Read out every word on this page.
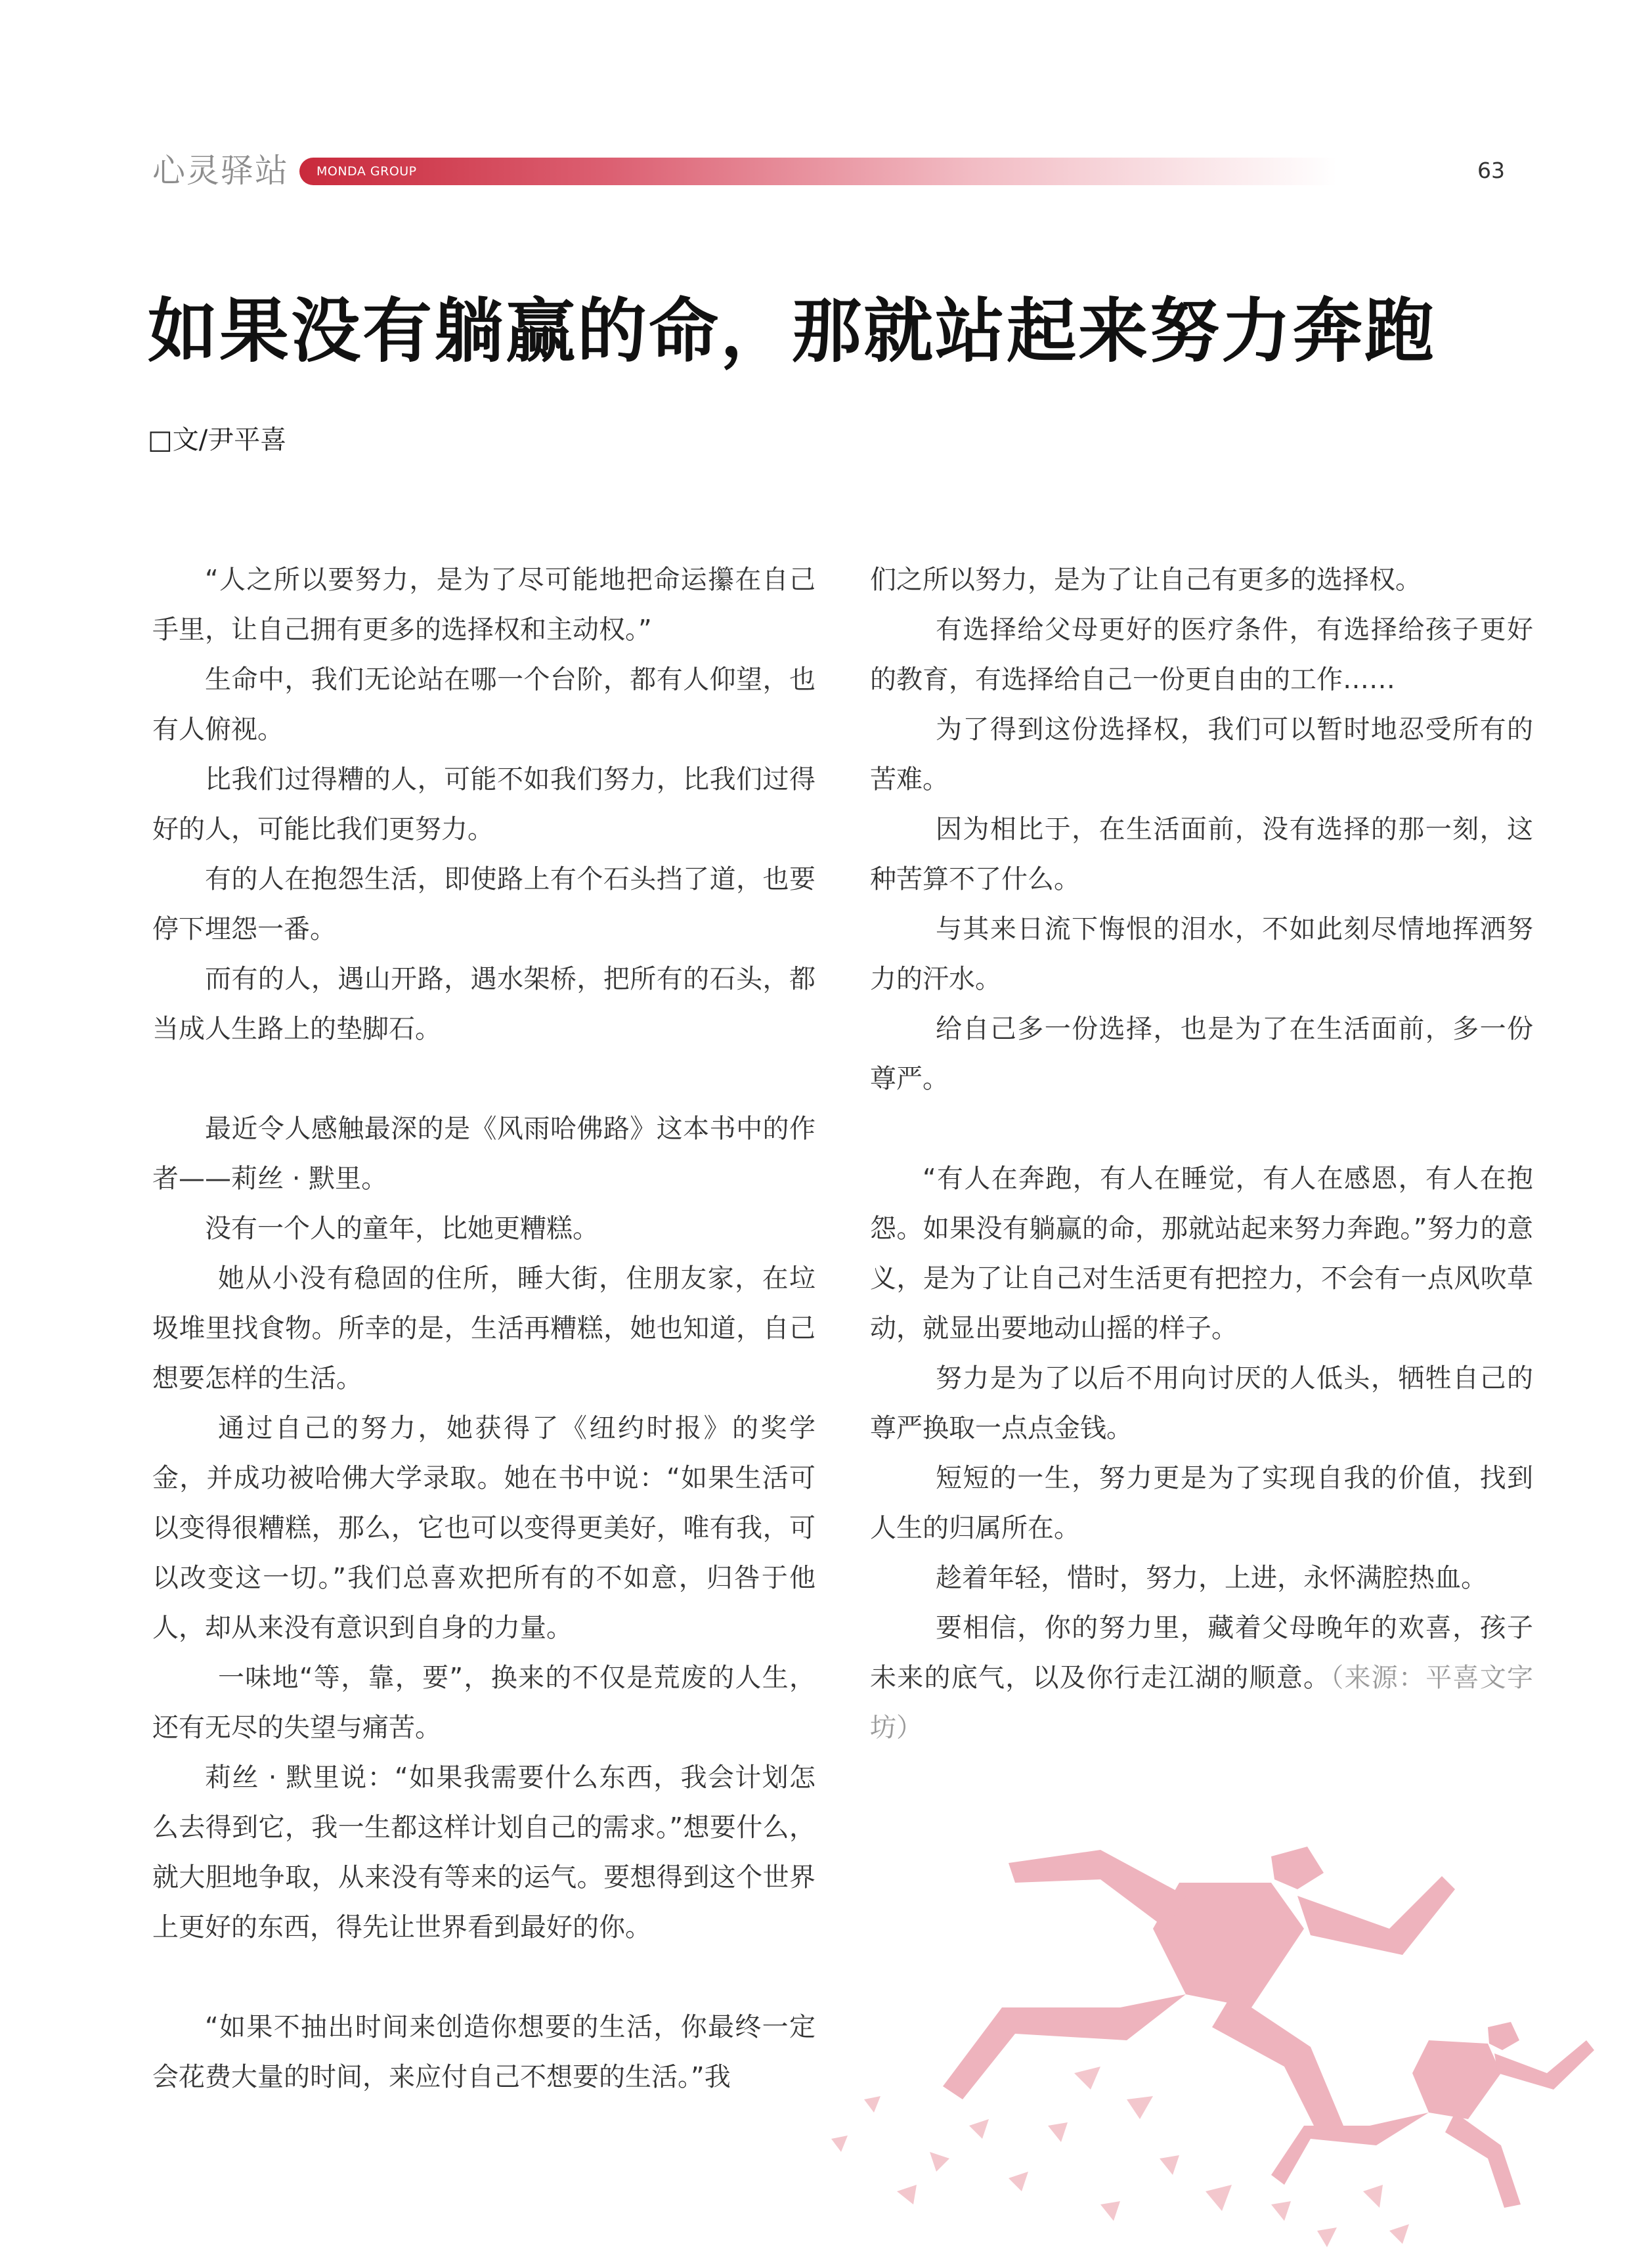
心灵驿站 MONDA GROUP	63
如果没有躺赢的命，那就站起来努力奔跑
□文/尹平喜

“人之所以要努力，是为了尽可能地把命运攥在自己手里，让自己拥有更多的选择权和主动权。”

生命中，我们无论站在哪一个台阶，都有人仰望，也有人俯视。

比我们过得糟的人，可能不如我们努力，比我们过得好的人，可能比我们更努力。

有的人在抱怨生活，即使路上有个石头挡了道，也要停下埋怨一番。

而有的人，遇山开路，遇水架桥，把所有的石头，都当成人生路上的垫脚石。

最近令人感触最深的是《风雨哈佛路》这本书中的作者——莉丝 · 默里。

没有一个人的童年，比她更糟糕。

她从小没有稳固的住所，睡大街，住朋友家，在垃圾堆里找食物。所幸的是，生活再糟糕，她也知道，自己想要怎样的生活。

通过自己的努力，她获得了《纽约时报》的奖学金，并成功被哈佛大学录取。她在书中说：“如果生活可以变得很糟糕，那么，它也可以变得更美好，唯有我，可以改变这一切。”我们总喜欢把所有的不如意，归咎于他人，却从来没有意识到自身的力量。

一味地“等，靠，要”，换来的不仅是荒废的人生，还有无尽的失望与痛苦。

莉丝 · 默里说：“如果我需要什么东西，我会计划怎么去得到它，我一生都这样计划自己的需求。”想要什么，就大胆地争取，从来没有等来的运气。要想得到这个世界上更好的东西，得先让世界看到最好的你。

“如果不抽出时间来创造你想要的生活，你最终一定会花费大量的时间，来应付自己不想要的生活。”我

们之所以努力，是为了让自己有更多的选择权。

有选择给父母更好的医疗条件，有选择给孩子更好的教育，有选择给自己一份更自由的工作……

为了得到这份选择权，我们可以暂时地忍受所有的苦难。

因为相比于，在生活面前，没有选择的那一刻，这种苦算不了什么。

与其来日流下悔恨的泪水，不如此刻尽情地挥洒努力的汗水。

给自己多一份选择，也是为了在生活面前，多一份尊严。

“有人在奔跑，有人在睡觉，有人在感恩，有人在抱怨。如果没有躺赢的命，那就站起来努力奔跑。”努力的意义，是为了让自己对生活更有把控力，不会有一点风吹草动，就显出要地动山摇的样子。

努力是为了以后不用向讨厌的人低头，牺牲自己的尊严换取一点点金钱。

短短的一生，努力更是为了实现自我的价值，找到人生的归属所在。

趁着年轻，惜时，努力，上进，永怀满腔热血。

要相信，你的努力里，藏着父母晚年的欢喜，孩子未来的底气，以及你行走江湖的顺意。（来源：平喜文字坊）
